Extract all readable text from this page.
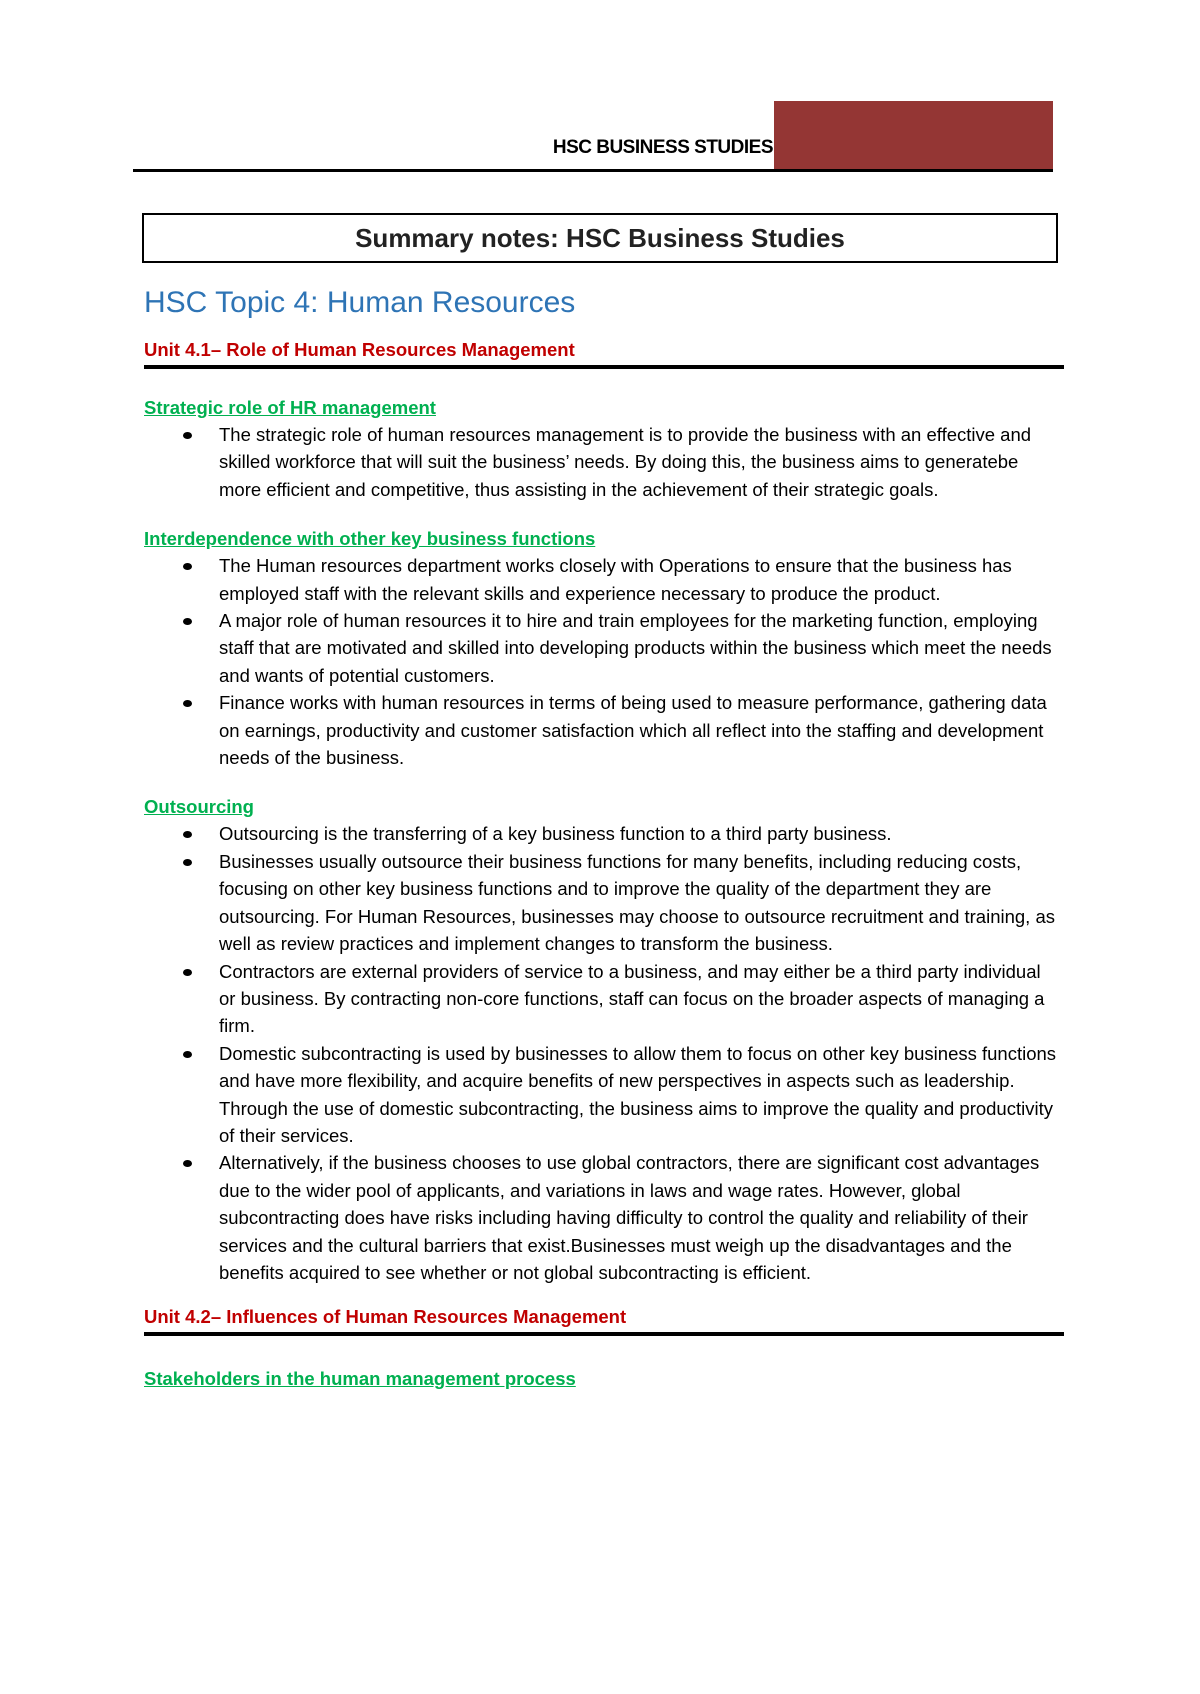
HSC BUSINESS STUDIES
Summary notes: HSC Business Studies
HSC Topic 4: Human Resources
Unit 4.1– Role of Human Resources Management
Strategic role of HR management
The strategic role of human resources management is to provide the business with an effective and skilled workforce that will suit the business’ needs. By doing this, the business aims to generatebe more efficient and competitive, thus assisting in the achievement of their strategic goals.
Interdependence with other key business functions
The Human resources department works closely with Operations to ensure that the business has employed staff with the relevant skills and experience necessary to produce the product.
A major role of human resources it to hire and train employees for the marketing function, employing staff that are motivated and skilled into developing products within the business which meet the needs and wants of potential customers.
Finance works with human resources in terms of being used to measure performance, gathering data on earnings, productivity and customer satisfaction which all reflect into the staffing and development needs of the business.
Outsourcing
Outsourcing is the transferring of a key business function to a third party business.
Businesses usually outsource their business functions for many benefits, including reducing costs, focusing on other key business functions and to improve the quality of the department they are outsourcing. For Human Resources, businesses may choose to outsource recruitment and training, as well as review practices and implement changes to transform the business.
Contractors are external providers of service to a business, and may either be a third party individual or business. By contracting non-core functions, staff can focus on the broader aspects of managing a firm.
Domestic subcontracting is used by businesses to allow them to focus on other key business functions and have more flexibility, and acquire benefits of new perspectives in aspects such as leadership. Through the use of domestic subcontracting, the business aims to improve the quality and productivity of their services.
Alternatively, if the business chooses to use global contractors, there are significant cost advantages due to the wider pool of applicants, and variations in laws and wage rates. However, global subcontracting does have risks including having difficulty to control the quality and reliability of their services and the cultural barriers that exist.Businesses must weigh up the disadvantages and the benefits acquired to see whether or not global subcontracting is efficient.
Unit 4.2– Influences of Human Resources Management
Stakeholders in the human management process
